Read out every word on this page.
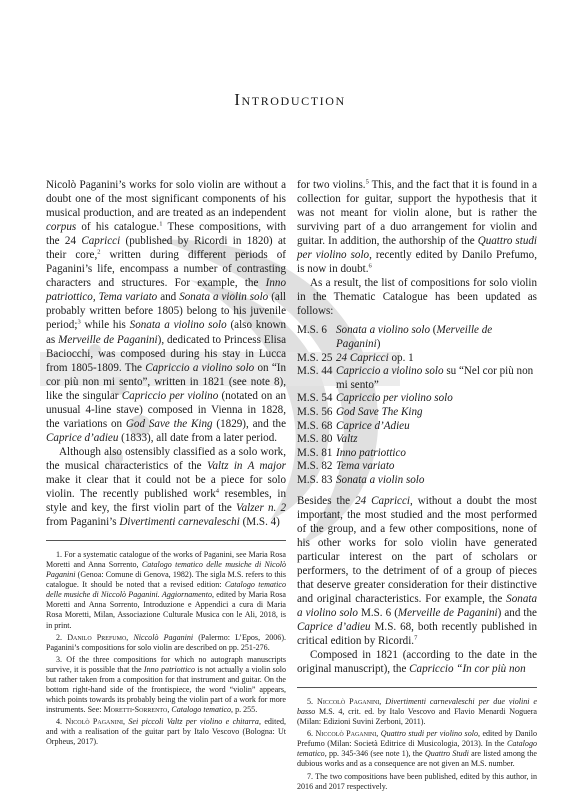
Introduction

Nicolò Paganini’s works for solo violin are without a doubt one of the most significant components of his musical production, and are treated as an independent corpus of his catalogue.$^1$ These compositions, with the 24 Capricci (published by Ricordi in 1820) at their core,$^2$ written during different periods of Paganini’s life, encompass a number of contrasting characters and structures. For example, the Inno patriottico, Tema variato and Sonata a violin solo (all probably written before 1805) belong to his juvenile period;$^3$ while his Sonata a violino solo (also known as Merveille de Paganini), dedicated to Princess Elisa Baciocchi, was composed during his stay in Lucca from 1805-1809. The Capriccio a violino solo on “In cor più non mi sento”, written in 1821 (see note 8), like the singular Capriccio per violino (notated on an unusual 4-line stave) composed in Vienna in 1828, the variations on God Save the King (1829), and the Caprice d’adieu (1833), all date from a later period.

Although also ostensibly classified as a solo work, the musical characteristics of the Valtz in A major make it clear that it could not be a piece for solo violin. The recently published work$^4$ resembles, in style and key, the first violin part of the Valzer n. 2 from Paganini’s Divertimenti carnevaleschi (M.S. 4)

1. For a systematic catalogue of the works of Paganini, see Maria Rosa Moretti and Anna Sorrento, Catalogo tematico delle musiche di Nicolò Paganini (Genoa: Comune di Genova, 1982). The sigla M.S. refers to this catalogue. It should be noted that a revised edition: Catalogo tematico delle musiche di Niccolò Paganini. Aggiornamento, edited by Maria Rosa Moretti and Anna Sorrento, Introduzione e Appendici a cura di Maria Rosa Moretti, Milan, Associazione Culturale Musica con le Ali, 2018, is in print.

2. Danilo Prefumo, Niccolò Paganini (Palermo: L’Epos, 2006). Paganini’s compositions for solo violin are described on pp. 251-276.

3. Of the three compositions for which no autograph manuscripts survive, it is possible that the Inno patriottico is not actually a violin solo but rather taken from a composition for that instrument and guitar. On the bottom right-hand side of the frontispiece, the word “violin” appears, which points towards its probably being the violin part of a work for more instruments. See: Moretti-Sorrento, Catalogo tematico, p. 255.

4. Nicolò Paganini, Sei piccoli Valtz per violino e chitarra, edited, and with a realisation of the guitar part by Italo Vescovo (Bologna: Ut Orpheus, 2017).

for two violins.$^5$ This, and the fact that it is found in a collection for guitar, support the hypothesis that it was not meant for violin alone, but is rather the surviving part of a duo arrangement for violin and guitar. In addition, the authorship of the Quattro studi per violino solo, recently edited by Danilo Prefumo, is now in doubt.$^6$

As a result, the list of compositions for solo violin in the Thematic Catalogue has been updated as follows:

M.S. 6 Sonata a violino solo (Merveille de Paganini)
M.S. 25 24 Capricci op. 1
M.S. 44 Capriccio a violino solo su “Nel cor più non mi sento”
M.S. 54 Capriccio per violino solo
M.S. 56 God Save The King
M.S. 68 Caprice d’Adieu
M.S. 80 Valtz
M.S. 81 Inno patriottico
M.S. 82 Tema variato
M.S. 83 Sonata a violin solo

Besides the 24 Capricci, without a doubt the most important, the most studied and the most performed of the group, and a few other compositions, none of his other works for solo violin have generated particular interest on the part of scholars or performers, to the detriment of of a group of pieces that deserve greater consideration for their distinctive and original characteristics. For example, the Sonata a violino solo M.S. 6 (Merveille de Paganini) and the Caprice d’adieu M.S. 68, both recently published in critical edition by Ricordi.$^7$

Composed in 1821 (according to the date in the original manuscript), the Capriccio “In cor più non

5. Niccolò Paganini, Divertimenti carnevaleschi per due violini e basso M.S. 4, crit. ed. by Italo Vescovo and Flavio Menardi Noguera (Milan: Edizioni Suvini Zerboni, 2011).

6. Niccolò Paganini, Quattro studi per violino solo, edited by Danilo Prefumo (Milan: Società Editrice di Musicologia, 2013). In the Catalogo tematico, pp. 345-346 (see note 1), the Quattro Studi are listed among the dubious works and as a consequence are not given an M.S. number.

7. The two compositions have been published, edited by this author, in 2016 and 2017 respectively.
